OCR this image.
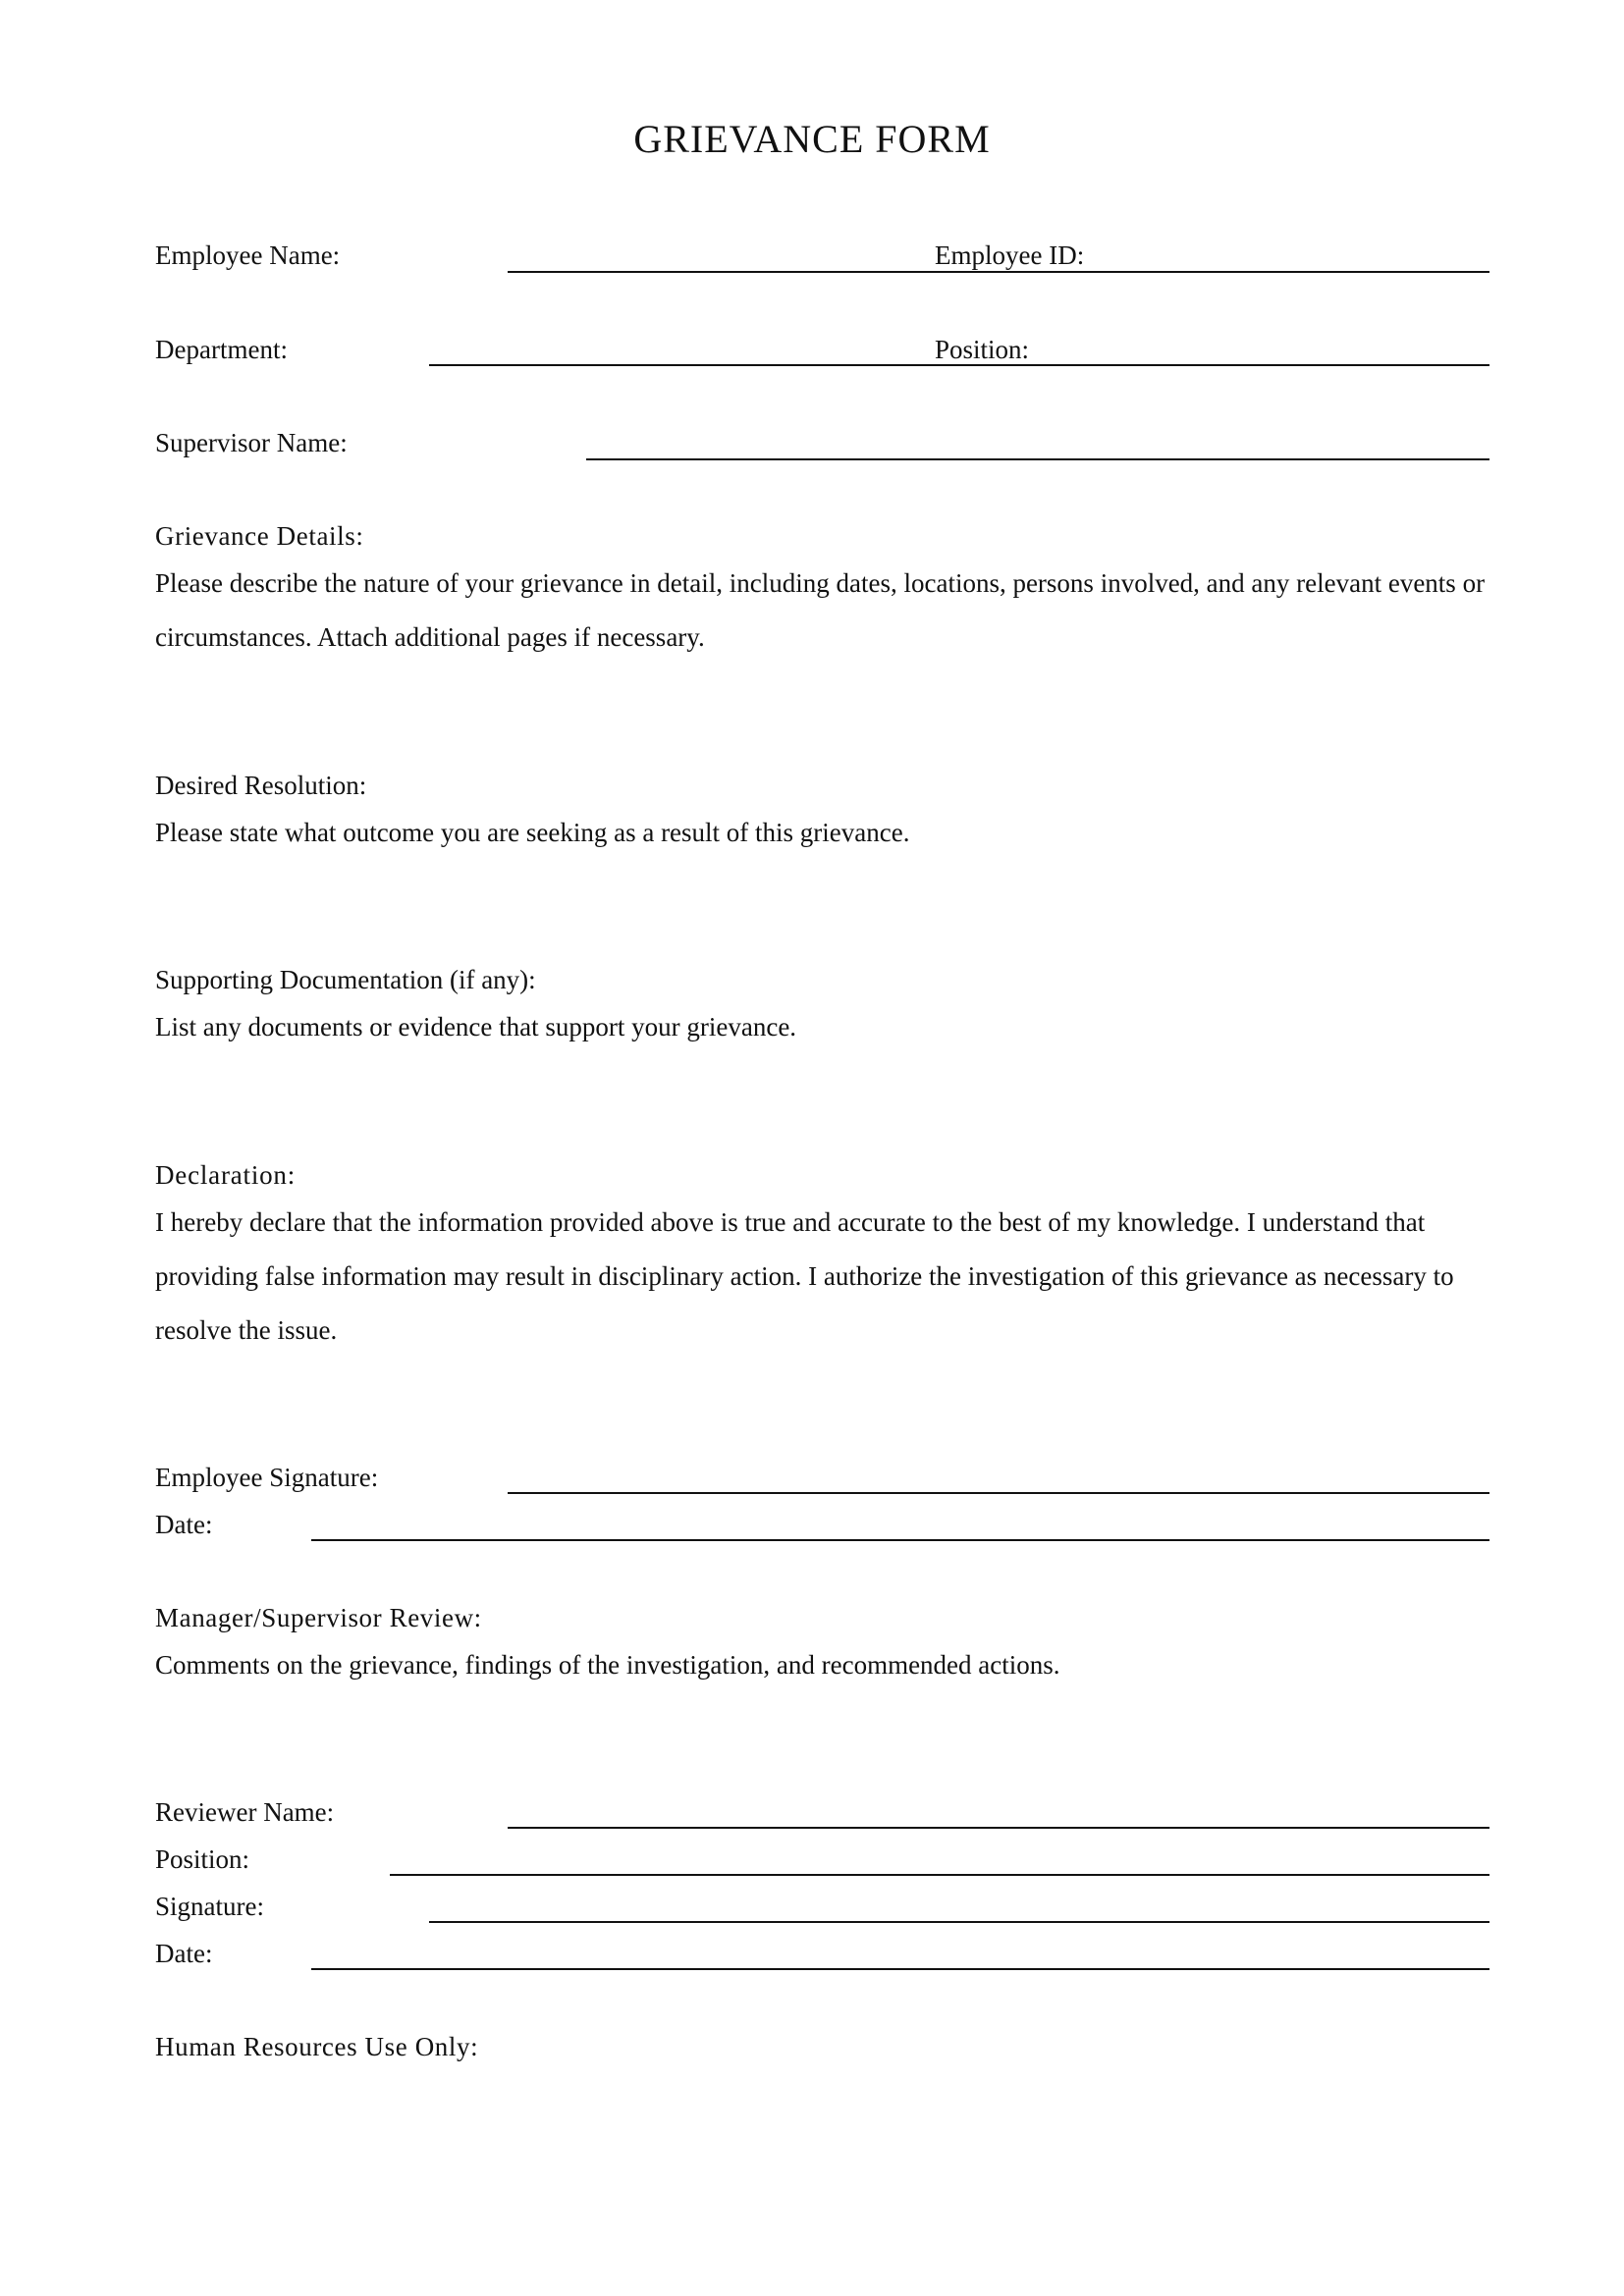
GRIEVANCE FORM
Employee Name:	Employee ID:
Department:	Position:
Supervisor Name:
Grievance Details:
Please describe the nature of your grievance in detail, including dates, locations, persons involved, and any relevant events or circumstances. Attach additional pages if necessary.
Desired Resolution:
Please state what outcome you are seeking as a result of this grievance.
Supporting Documentation (if any):
List any documents or evidence that support your grievance.
Declaration:
I hereby declare that the information provided above is true and accurate to the best of my knowledge. I understand that providing false information may result in disciplinary action. I authorize the investigation of this grievance as necessary to resolve the issue.
Employee Signature:
Date:
Manager/Supervisor Review:
Comments on the grievance, findings of the investigation, and recommended actions.
Reviewer Name:
Position:
Signature:
Date:
Human Resources Use Only:
